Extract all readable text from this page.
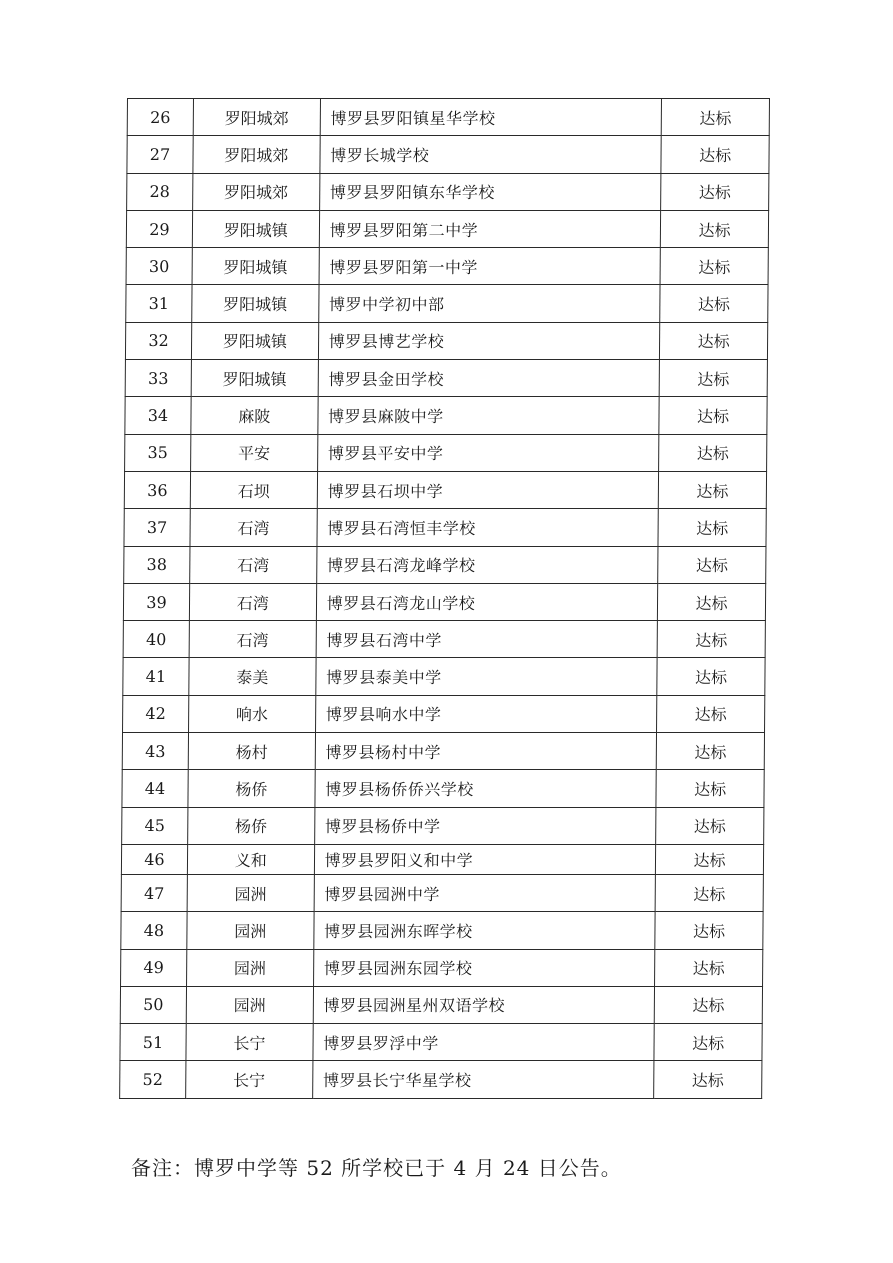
26	罗阳城郊	博罗县罗阳镇星华学校	达标
27	罗阳城郊	博罗长城学校	达标
28	罗阳城郊	博罗县罗阳镇东华学校	达标
29	罗阳城镇	博罗县罗阳第二中学	达标
30	罗阳城镇	博罗县罗阳第一中学	达标
31	罗阳城镇	博罗中学初中部	达标
32	罗阳城镇	博罗县博艺学校	达标
33	罗阳城镇	博罗县金田学校	达标
34	麻陂	博罗县麻陂中学	达标
35	平安	博罗县平安中学	达标
36	石坝	博罗县石坝中学	达标
37	石湾	博罗县石湾恒丰学校	达标
38	石湾	博罗县石湾龙峰学校	达标
39	石湾	博罗县石湾龙山学校	达标
40	石湾	博罗县石湾中学	达标
41	泰美	博罗县泰美中学	达标
42	响水	博罗县响水中学	达标
43	杨村	博罗县杨村中学	达标
44	杨侨	博罗县杨侨侨兴学校	达标
45	杨侨	博罗县杨侨中学	达标
46	义和	博罗县罗阳义和中学	达标
47	园洲	博罗县园洲中学	达标
48	园洲	博罗县园洲东晖学校	达标
49	园洲	博罗县园洲东园学校	达标
50	园洲	博罗县园洲星州双语学校	达标
51	长宁	博罗县罗浮中学	达标
52	长宁	博罗县长宁华星学校	达标
备注：博罗中学等 52 所学校已于 4 月 24 日公告。
